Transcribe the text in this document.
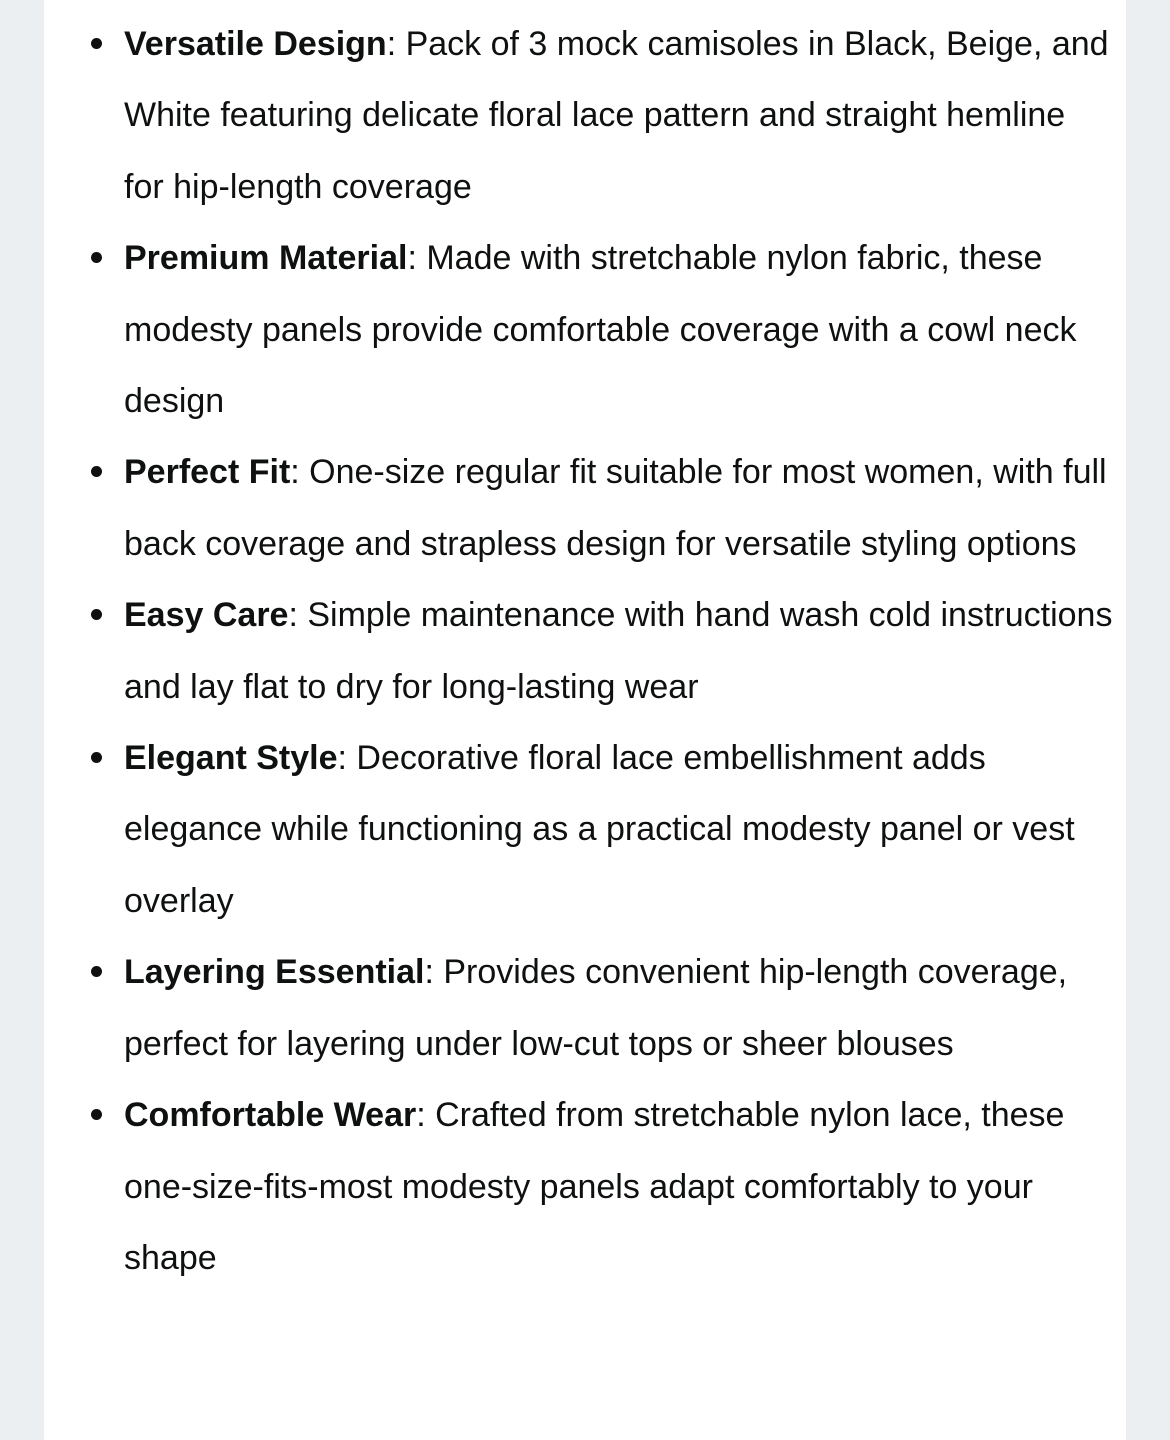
Versatile Design: Pack of 3 mock camisoles in Black, Beige, and White featuring delicate floral lace pattern and straight hemline for hip-length coverage
Premium Material: Made with stretchable nylon fabric, these modesty panels provide comfortable coverage with a cowl neck design
Perfect Fit: One-size regular fit suitable for most women, with full back coverage and strapless design for versatile styling options
Easy Care: Simple maintenance with hand wash cold instructions and lay flat to dry for long-lasting wear
Elegant Style: Decorative floral lace embellishment adds elegance while functioning as a practical modesty panel or vest overlay
Layering Essential: Provides convenient hip-length coverage, perfect for layering under low-cut tops or sheer blouses
Comfortable Wear: Crafted from stretchable nylon lace, these one-size-fits-most modesty panels adapt comfortably to your shape
